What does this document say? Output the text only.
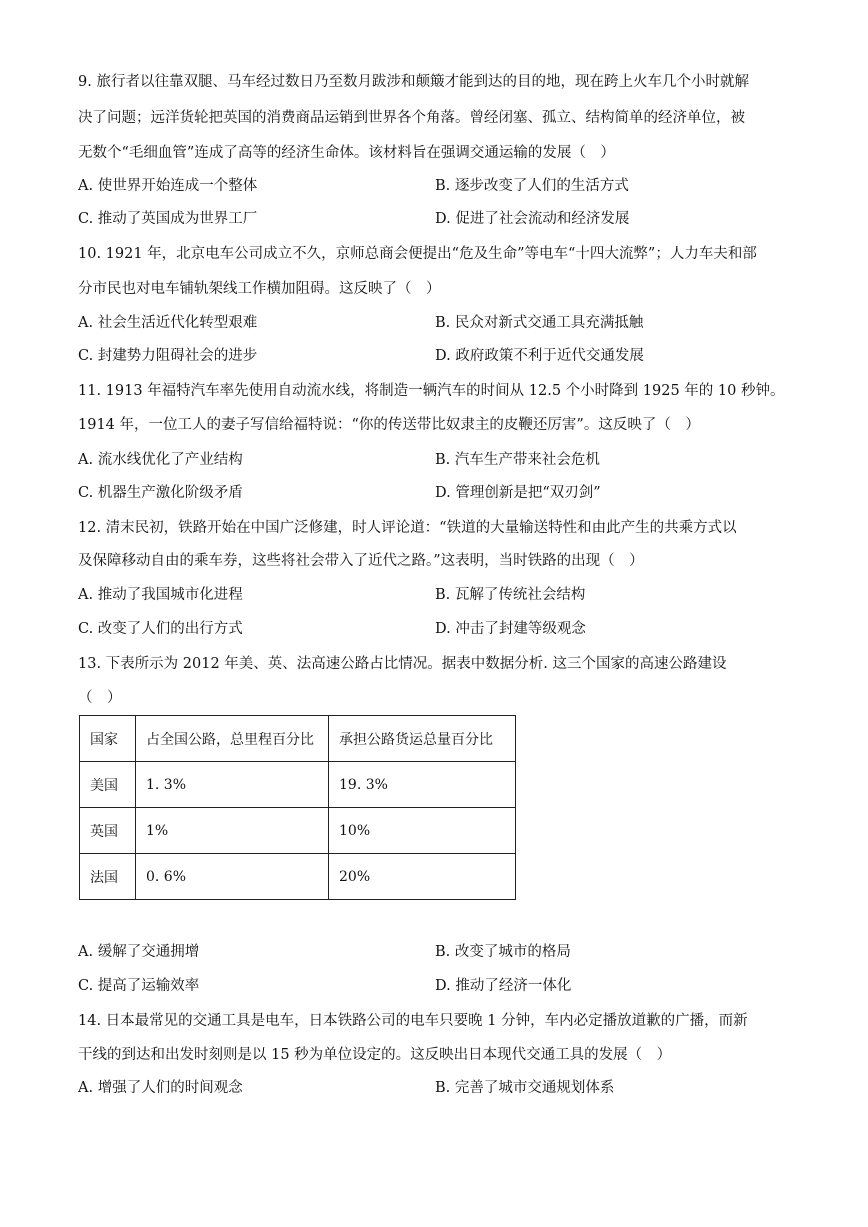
9. 旅行者以往靠双腿、马车经过数日乃至数月跋涉和颠簸才能到达的目的地，现在跨上火车几个小时就解
决了问题；远洋货轮把英国的消费商品运销到世界各个角落。曾经闭塞、孤立、结构简单的经济单位，被
无数个“毛细血管”连成了高等的经济生命体。该材料旨在强调交通运输的发展（　）
A. 使世界开始连成一个整体	B. 逐步改变了人们的生活方式
C. 推动了英国成为世界工厂	D. 促进了社会流动和经济发展
10. 1921 年，北京电车公司成立不久，京师总商会便提出“危及生命”等电车“十四大流弊”；人力车夫和部
分市民也对电车铺轨架线工作横加阻碍。这反映了（　）
A. 社会生活近代化转型艰难	B. 民众对新式交通工具充满抵触
C. 封建势力阻碍社会的进步	D. 政府政策不利于近代交通发展
11. 1913 年福特汽车率先使用自动流水线，将制造一辆汽车的时间从 12.5 个小时降到 1925 年的 10 秒钟。
1914 年，一位工人的妻子写信给福特说：“你的传送带比奴隶主的皮鞭还厉害”。这反映了（　）
A. 流水线优化了产业结构	B. 汽车生产带来社会危机
C. 机器生产激化阶级矛盾	D. 管理创新是把“双刃剑”
12. 清末民初，铁路开始在中国广泛修建，时人评论道：“铁道的大量输送特性和由此产生的共乘方式以
及保障移动自由的乘车券，这些将社会带入了近代之路。”这表明，当时铁路的出现（　）
A. 推动了我国城市化进程	B. 瓦解了传统社会结构
C. 改变了人们的出行方式	D. 冲击了封建等级观念
13. 下表所示为 2012 年美、英、法高速公路占比情况。据表中数据分析. 这三个国家的高速公路建设
（　）
国家	占全国公路，总里程百分比	承担公路货运总量百分比
美国	1. 3%	19. 3%
英国	1%	10%
法国	0. 6%	20%
A. 缓解了交通拥增	B. 改变了城市的格局
C. 提高了运输效率	D. 推动了经济一体化
14. 日本最常见的交通工具是电车，日本铁路公司的电车只要晚 1 分钟，车内必定播放道歉的广播，而新
干线的到达和出发时刻则是以 15 秒为单位设定的。这反映出日本现代交通工具的发展（　）
A. 增强了人们的时间观念	B. 完善了城市交通规划体系
